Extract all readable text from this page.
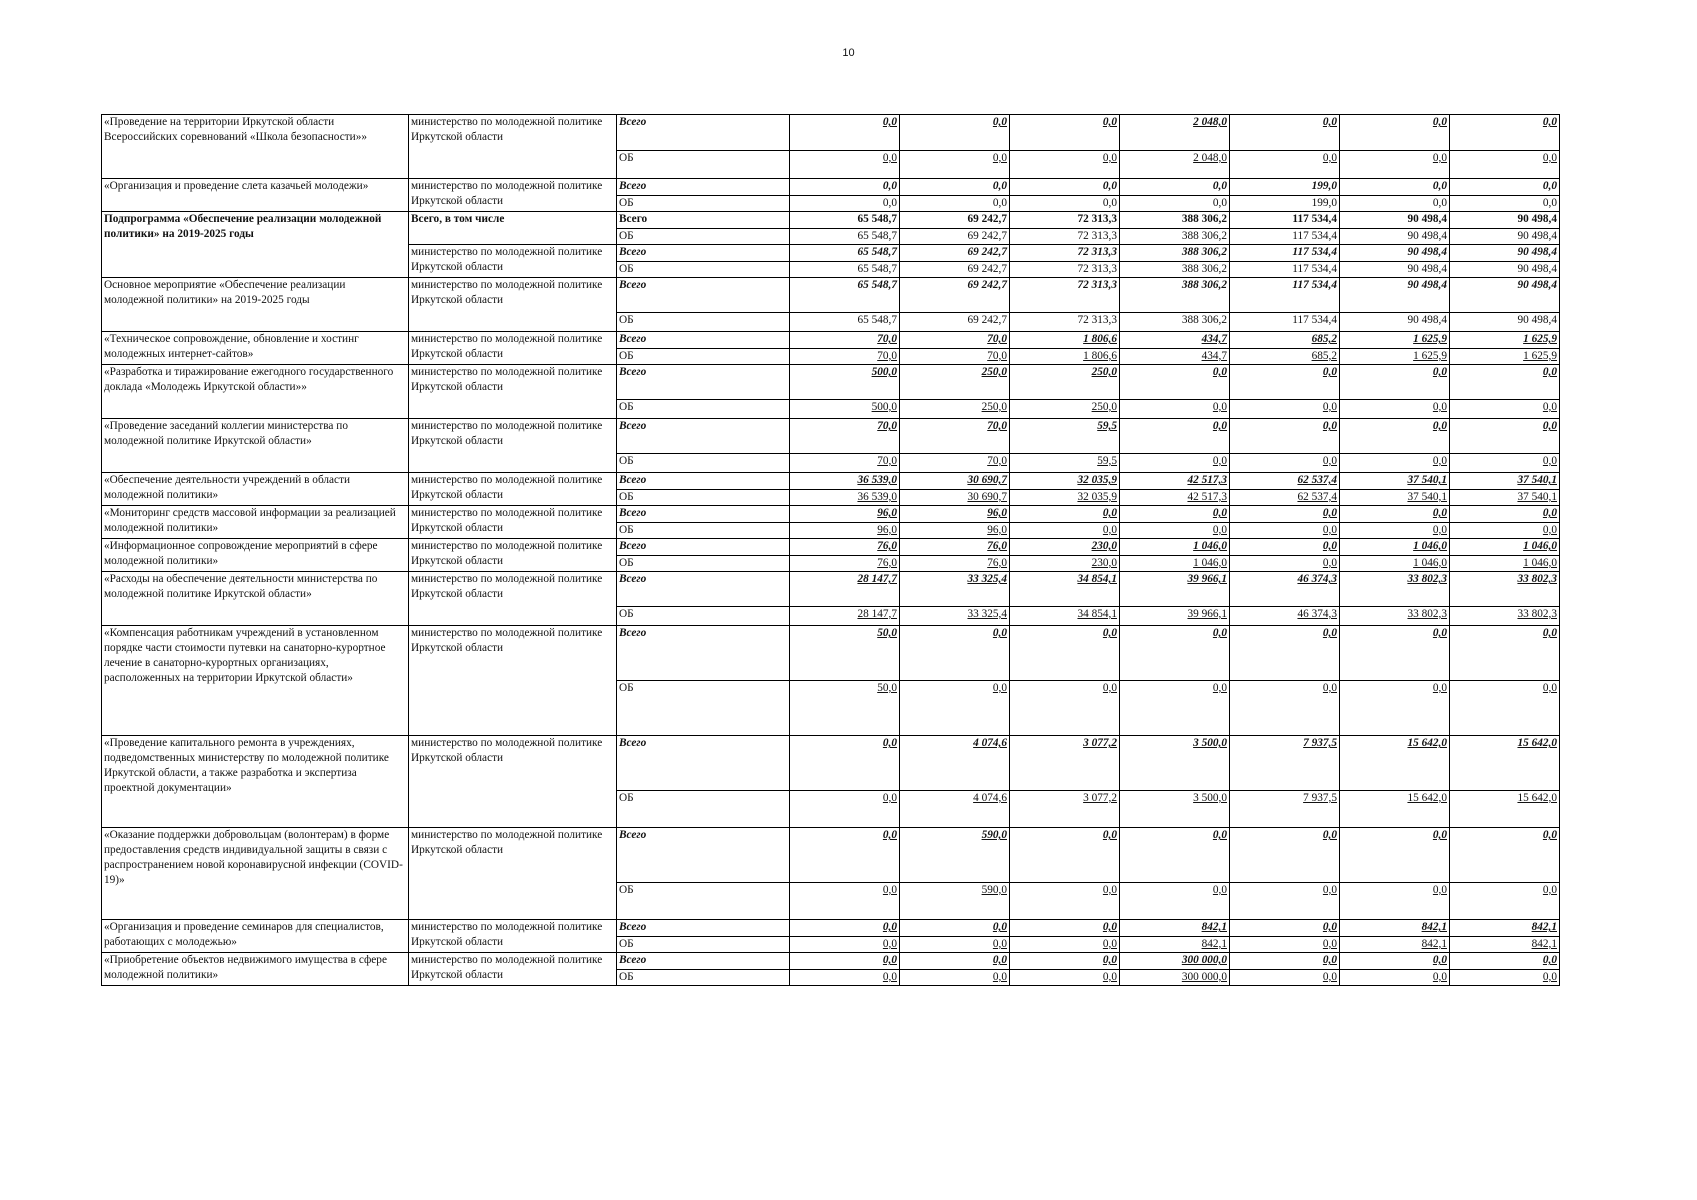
10
«Проведение на территории Иркутской области Всероссийских соревнований «Школа безопасности»»	министерство по молодежной политике Иркутской области	Всего	0,0	0,0	0,0	2 048,0	0,0	0,0	0,0
		ОБ	0,0	0,0	0,0	2 048,0	0,0	0,0	0,0
«Организация и проведение слета казачьей молодежи»	министерство по молодежной политике Иркутской области	Всего	0,0	0,0	0,0	0,0	199,0	0,0	0,0
		ОБ	0,0	0,0	0,0	0,0	199,0	0,0	0,0
Подпрограмма «Обеспечение реализации молодежной политики» на 2019-2025 годы	Всего, в том числе	Всего	65 548,7	69 242,7	72 313,3	388 306,2	117 534,4	90 498,4	90 498,4
		ОБ	65 548,7	69 242,7	72 313,3	388 306,2	117 534,4	90 498,4	90 498,4
	министерство по молодежной политике Иркутской области	Всего	65 548,7	69 242,7	72 313,3	388 306,2	117 534,4	90 498,4	90 498,4
		ОБ	65 548,7	69 242,7	72 313,3	388 306,2	117 534,4	90 498,4	90 498,4
Основное мероприятие «Обеспечение реализации молодежной политики» на 2019-2025 годы	министерство по молодежной политике Иркутской области	Всего	65 548,7	69 242,7	72 313,3	388 306,2	117 534,4	90 498,4	90 498,4
		ОБ	65 548,7	69 242,7	72 313,3	388 306,2	117 534,4	90 498,4	90 498,4
«Техническое сопровождение, обновление и хостинг молодежных интернет-сайтов»	министерство по молодежной политике Иркутской области	Всего	70,0	70,0	1 806,6	434,7	685,2	1 625,9	1 625,9
		ОБ	70,0	70,0	1 806,6	434,7	685,2	1 625,9	1 625,9
«Разработка и тиражирование ежегодного государственного доклада «Молодежь Иркутской области»»	министерство по молодежной политике Иркутской области	Всего	500,0	250,0	250,0	0,0	0,0	0,0	0,0
		ОБ	500,0	250,0	250,0	0,0	0,0	0,0	0,0
«Проведение заседаний коллегии министерства по молодежной политике Иркутской области»	министерство по молодежной политике Иркутской области	Всего	70,0	70,0	59,5	0,0	0,0	0,0	0,0
		ОБ	70,0	70,0	59,5	0,0	0,0	0,0	0,0
«Обеспечение деятельности учреждений в области молодежной политики»	министерство по молодежной политике Иркутской области	Всего	36 539,0	30 690,7	32 035,9	42 517,3	62 537,4	37 540,1	37 540,1
		ОБ	36 539,0	30 690,7	32 035,9	42 517,3	62 537,4	37 540,1	37 540,1
«Мониторинг средств массовой информации за реализацией молодежной политики»	министерство по молодежной политике Иркутской области	Всего	96,0	96,0	0,0	0,0	0,0	0,0	0,0
		ОБ	96,0	96,0	0,0	0,0	0,0	0,0	0,0
«Информационное сопровождение мероприятий в сфере молодежной политики»	министерство по молодежной политике Иркутской области	Всего	76,0	76,0	230,0	1 046,0	0,0	1 046,0	1 046,0
		ОБ	76,0	76,0	230,0	1 046,0	0,0	1 046,0	1 046,0
«Расходы на обеспечение деятельности министерства по молодежной политике Иркутской области»	министерство по молодежной политике Иркутской области	Всего	28 147,7	33 325,4	34 854,1	39 966,1	46 374,3	33 802,3	33 802,3
		ОБ	28 147,7	33 325,4	34 854,1	39 966,1	46 374,3	33 802,3	33 802,3
«Компенсация работникам учреждений в установленном порядке части стоимости путевки на санаторно-курортное лечение в санаторно-курортных организациях, расположенных на территории Иркутской области»	министерство по молодежной политике Иркутской области	Всего	50,0	0,0	0,0	0,0	0,0	0,0	0,0
		ОБ	50,0	0,0	0,0	0,0	0,0	0,0	0,0
«Проведение капитального ремонта в учреждениях, подведомственных министерству по молодежной политике Иркутской области, а также разработка и экспертиза проектной документации»	министерство по молодежной политике Иркутской области	Всего	0,0	4 074,6	3 077,2	3 500,0	7 937,5	15 642,0	15 642,0
		ОБ	0,0	4 074,6	3 077,2	3 500,0	7 937,5	15 642,0	15 642,0
«Оказание поддержки добровольцам (волонтерам) в форме предоставления средств индивидуальной защиты в связи с распространением новой коронавирусной инфекции (COVID-19)»	министерство по молодежной политике Иркутской области	Всего	0,0	590,0	0,0	0,0	0,0	0,0	0,0
		ОБ	0,0	590,0	0,0	0,0	0,0	0,0	0,0
«Организация и проведение семинаров для специалистов, работающих с молодежью»	министерство по молодежной политике Иркутской области	Всего	0,0	0,0	0,0	842,1	0,0	842,1	842,1
		ОБ	0,0	0,0	0,0	842,1	0,0	842,1	842,1
«Приобретение объектов недвижимого имущества в сфере молодежной политики»	министерство по молодежной политике Иркутской области	Всего	0,0	0,0	0,0	300 000,0	0,0	0,0	0,0
		ОБ	0,0	0,0	0,0	300 000,0	0,0	0,0	0,0
